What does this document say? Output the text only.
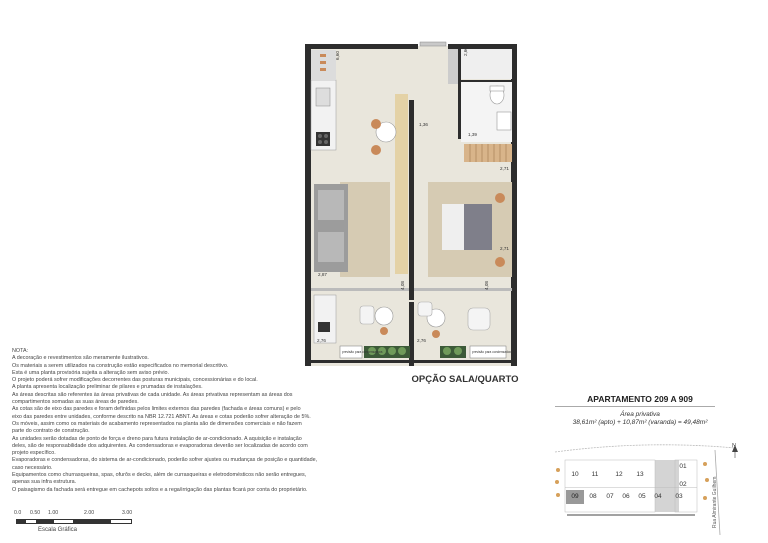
6,60	2,60
1,36
1,39
2,71
2,87
4,08
2,76	2,76
2,71
4,08
previsão para condensadora	previsão para condensadora

NOTA:

A decoração e revestimentos são meramente ilustrativos.

Os materiais a serem utilizados na construção estão especificados no memorial descritivo.

Esta é uma planta provisória sujeita a alteração sem aviso prévio.

O projeto poderá sofrer modificações decorrentes das posturas municipais, concessionárias e do local.

A planta apresenta localização preliminar de pilares e prumadas de instalações.

As áreas descritas são referentes às áreas privativas de cada unidade. As áreas privativas representam as áreas dos

compartimentos somadas as suas áreas de paredes.

As cotas são de eixo das paredes e foram definidas pelos limites externos das paredes (fachada e áreas comuns) e pelo

eixo das paredes entre unidades, conforme descrito na NBR 12.721 ABNT. As áreas e cotas poderão sofrer alteração de 5%.

Os móveis, assim como os materiais de acabamento representados na planta são de dimensões comerciais e não fazem

parte do contrato de construção.

As unidades serão dotadas de ponto de força e dreno para futura instalação de ar-condicionado. A aquisição e instalação

deles, são de responsabilidade dos adquirentes. As condensadoras e evaporadoras deverão ser localizadas de acordo com

projeto específico.

Evaporadoras e condensadoras, do sistema de ar-condicionado, poderão sofrer ajustes ou mudanças de posição e quantidade,

caso necessário.

Equipamentos como churrasqueiras, spas, ofurôs e decks, além de currasqueiras e eletrodomésticos não serão entregues,

apenas sua infra estrutura.

O paisagismo da fachada será entregue em cachepots soltos e a rega/irrigação das plantas ficará por conta do proprietário.

OPÇÃO SALA/QUARTO
APARTAMENTO 209 A 909
Área privativa
38,61m² (apto) + 10,87m² (varanda) = 49,48m²
0.0 0.50 1.00	2.00	3.00
Escala Gráfica
N
Rua Almirante Guilhem
10	11	12	13
01
02
09	08	07	06	05	04	03
